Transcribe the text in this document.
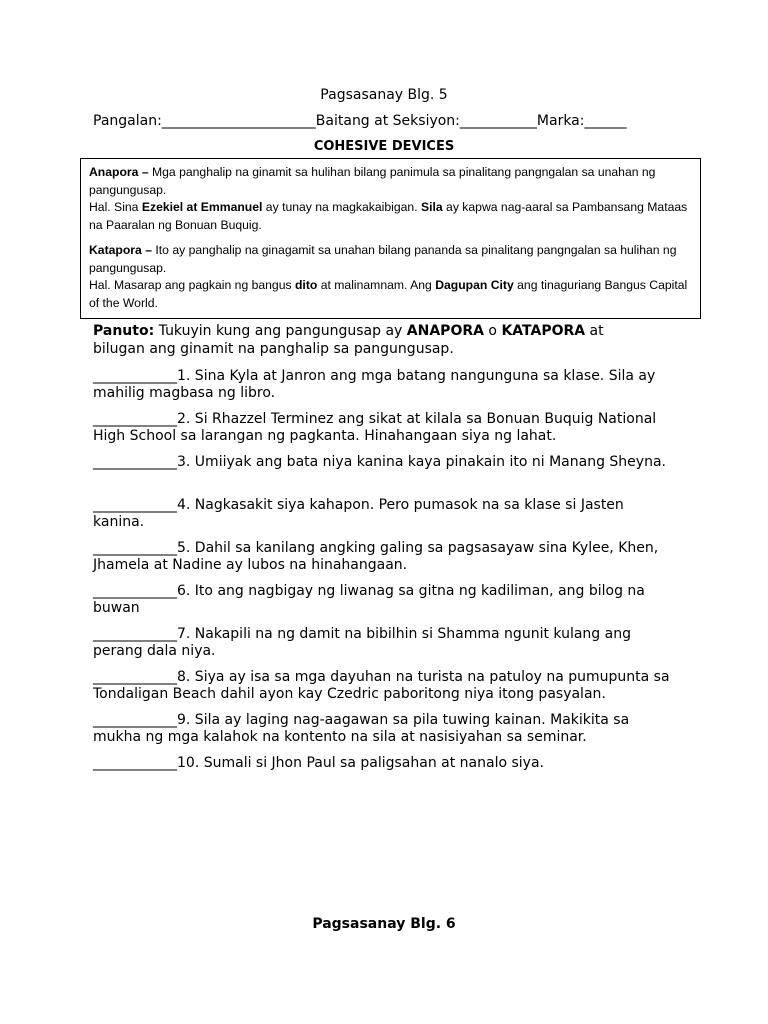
Pagsasanay Blg. 5
Pangalan:______________________Baitang at Seksiyon:___________Marka:______
COHESIVE DEVICES

Anapora – Mga panghalip na ginamit sa hulihan bilang panimula sa pinalitang pangngalan sa unahan ng pangungusap.

Hal. Sina Ezekiel at Emmanuel ay tunay na magkakaibigan. Sila ay kapwa nag-aaral sa Pambansang Mataas na Paaralan ng Bonuan Buquig.

Katapora – Ito ay panghalip na ginagamit sa unahan bilang pananda sa pinalitang pangngalan sa hulihan ng pangungusap.

Hal. Masarap ang pagkain ng bangus dito at malinamnam. Ang Dagupan City ang tinaguriang Bangus Capital of the World.

Panuto: Tukuyin kung ang pangungusap ay ANAPORA o KATAPORA at bilugan ang ginamit na panghalip sa pangungusap.
____________1. Sina Kyla at Janron ang mga batang nangunguna sa klase. Sila ay mahilig magbasa ng libro.
____________2. Si Rhazzel Terminez ang sikat at kilala sa Bonuan Buquig National High School sa larangan ng pagkanta. Hinahangaan siya ng lahat.
____________3. Umiiyak ang bata niya kanina kaya pinakain ito ni Manang Sheyna.
____________4. Nagkasakit siya kahapon. Pero pumasok na sa klase si Jasten kanina.
____________5. Dahil sa kanilang angking galing sa pagsasayaw sina Kylee, Khen, Jhamela at Nadine ay lubos na hinahangaan.
____________6. Ito ang nagbigay ng liwanag sa gitna ng kadiliman, ang bilog na buwan
____________7. Nakapili na ng damit na bibilhin si Shamma ngunit kulang ang perang dala niya.
____________8. Siya ay isa sa mga dayuhan na turista na patuloy na pumupunta sa Tondaligan Beach dahil ayon kay Czedric paboritong niya itong pasyalan.
____________9. Sila ay laging nag-aagawan sa pila tuwing kainan. Makikita sa mukha ng mga kalahok na kontento na sila at nasisiyahan sa seminar.
____________10. Sumali si Jhon Paul sa paligsahan at nanalo siya.
Pagsasanay Blg. 6
